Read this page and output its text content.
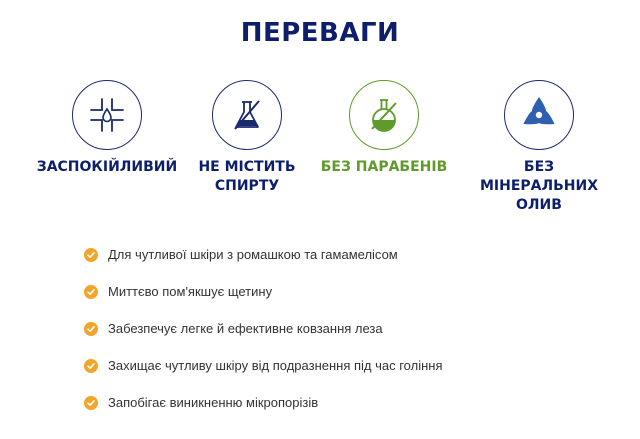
ПЕРЕВАГИ
ЗАСПОКІЙЛИВИЙ	НЕ МІСТИТЬ
СПИРТУ
БЕЗ ПАРАБЕНІВ	БЕЗ МІНЕРАЛЬНИХ
ОЛИВ
Для чутливої шкіри з ромашкою та гамамелісом
Миттєво пом'якшує щетину
Забезпечує легке й ефективне ковзання леза
Захищає чутливу шкіру від подразнення під час гоління
Запобігає виникненню мікропорізів
